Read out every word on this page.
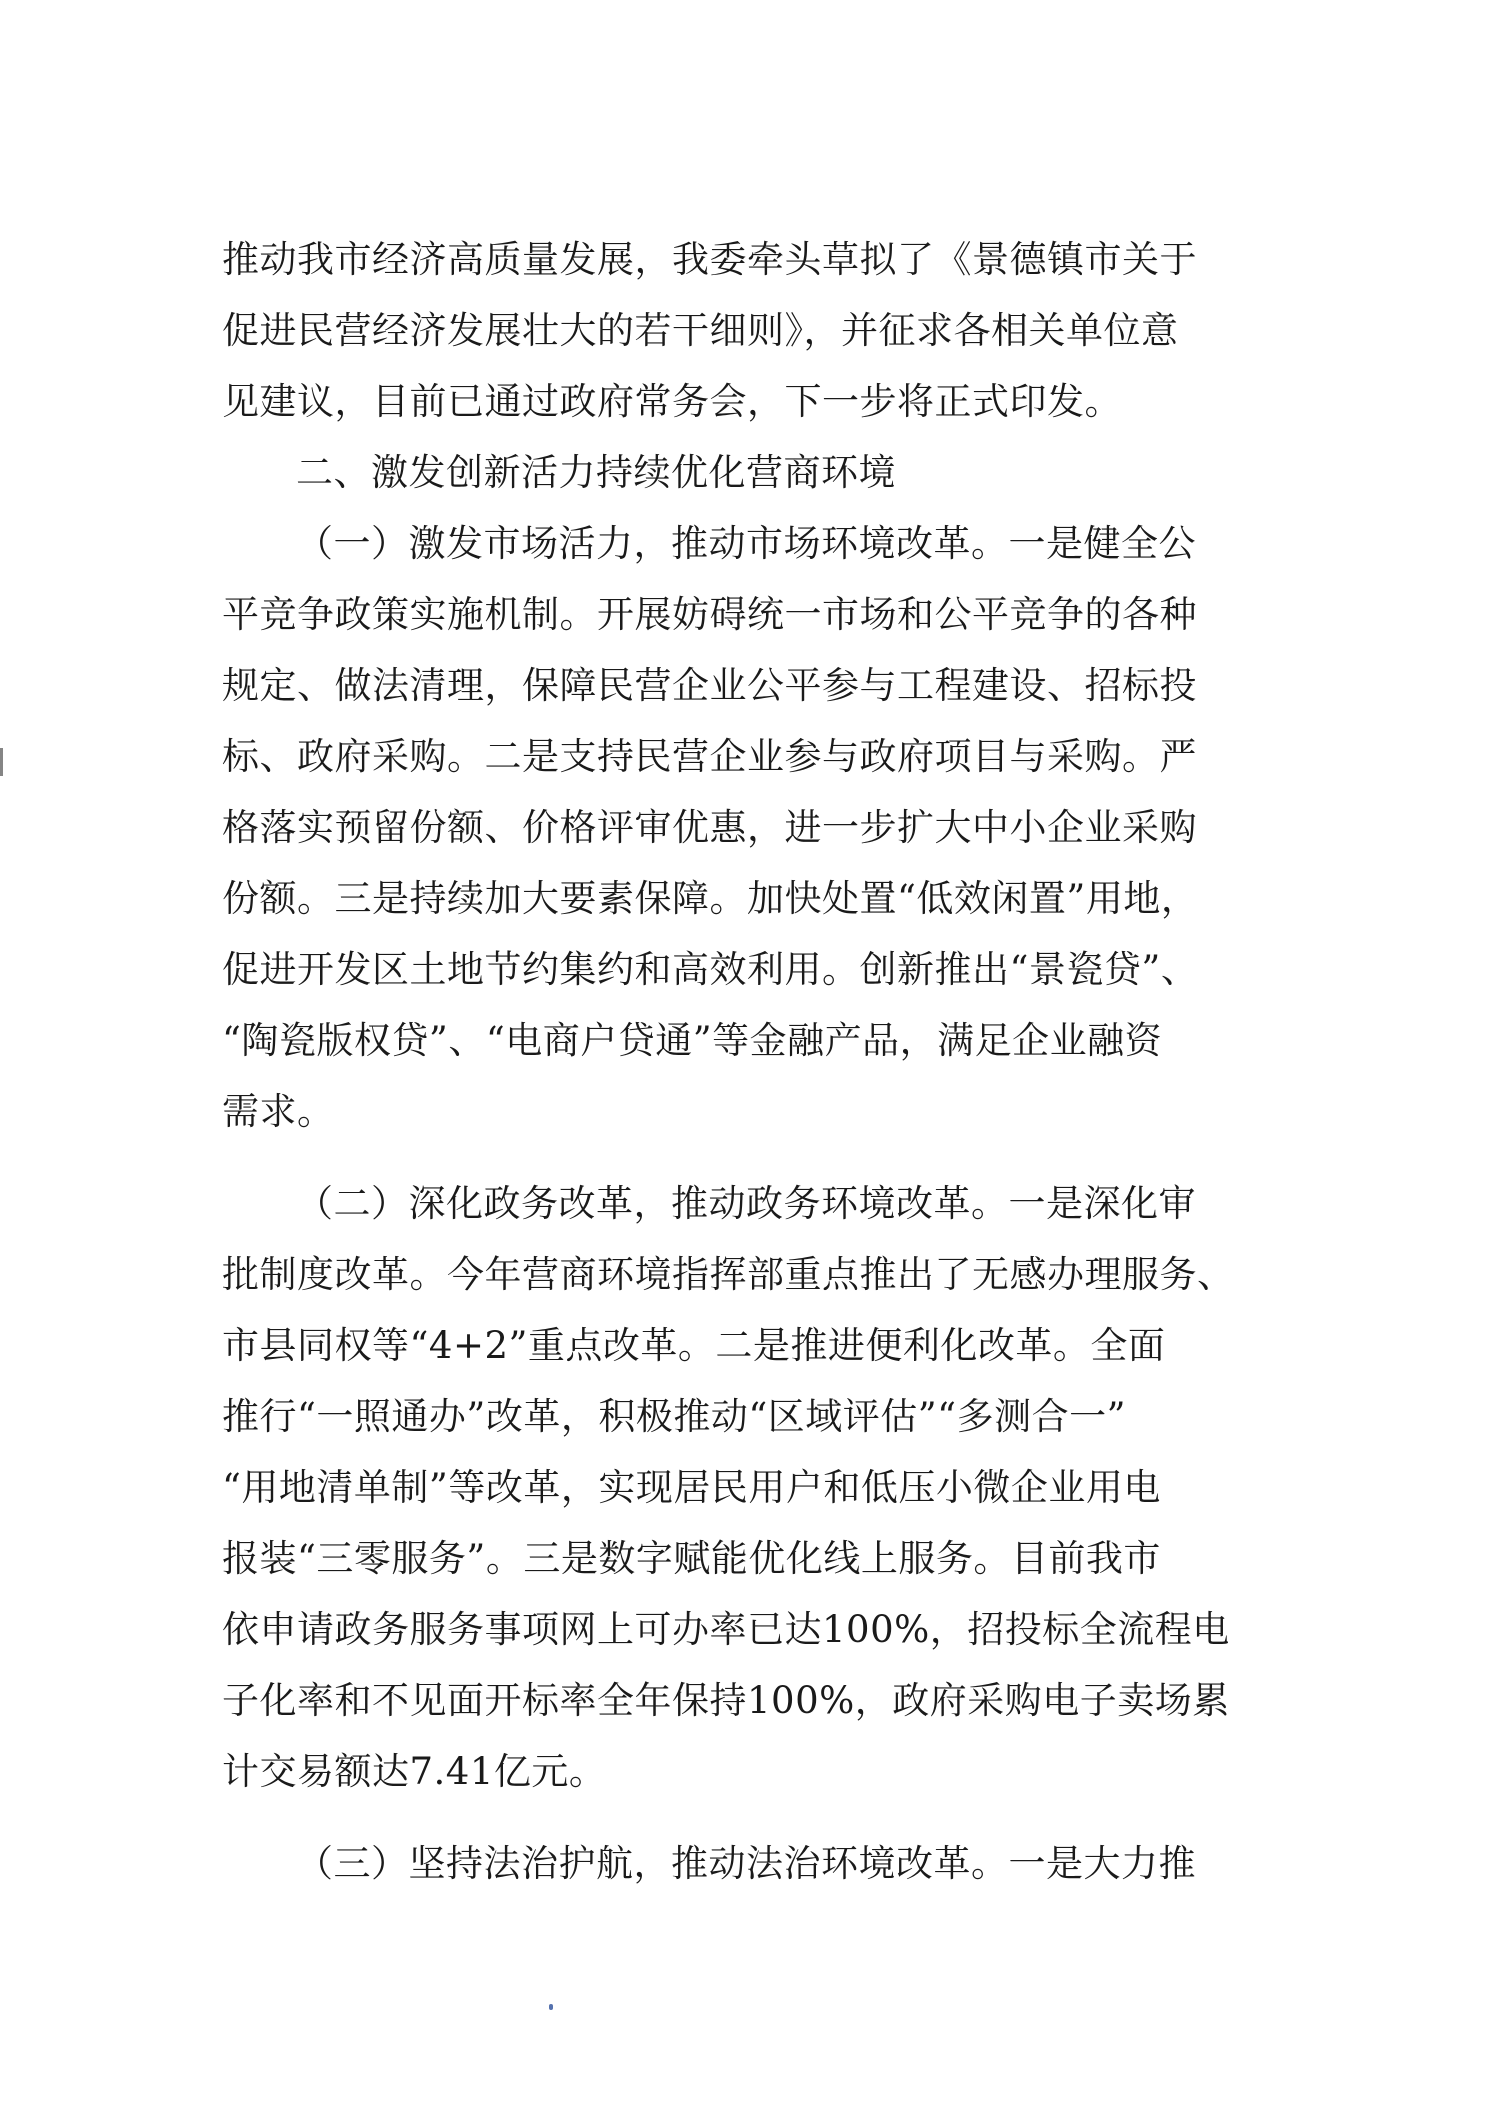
推动我市经济高质量发展，我委牵头草拟了《景德镇市关于
促进民营经济发展壮大的若干细则》，并征求各相关单位意
见建议，目前已通过政府常务会，下一步将正式印发。
二、激发创新活力持续优化营商环境
（一）激发市场活力，推动市场环境改革。一是健全公
平竞争政策实施机制。开展妨碍统一市场和公平竞争的各种
规定、做法清理，保障民营企业公平参与工程建设、招标投
标、政府采购。二是支持民营企业参与政府项目与采购。严
格落实预留份额、价格评审优惠，进一步扩大中小企业采购
份额。三是持续加大要素保障。加快处置“低效闲置”用地，
促进开发区土地节约集约和高效利用。创新推出“景瓷贷”、
“陶瓷版权贷”、“电商户贷通”等金融产品，满足企业融资
需求。
（二）深化政务改革，推动政务环境改革。一是深化审
批制度改革。今年营商环境指挥部重点推出了无感办理服务、
市县同权等“4+2”重点改革。二是推进便利化改革。全面
推行“一照通办”改革，积极推动“区域评估”“多测合一”
“用地清单制”等改革，实现居民用户和低压小微企业用电
报装“三零服务”。三是数字赋能优化线上服务。目前我市
依申请政务服务事项网上可办率已达100%，招投标全流程电
子化率和不见面开标率全年保持100%，政府采购电子卖场累
计交易额达7.41亿元。
（三）坚持法治护航，推动法治环境改革。一是大力推
